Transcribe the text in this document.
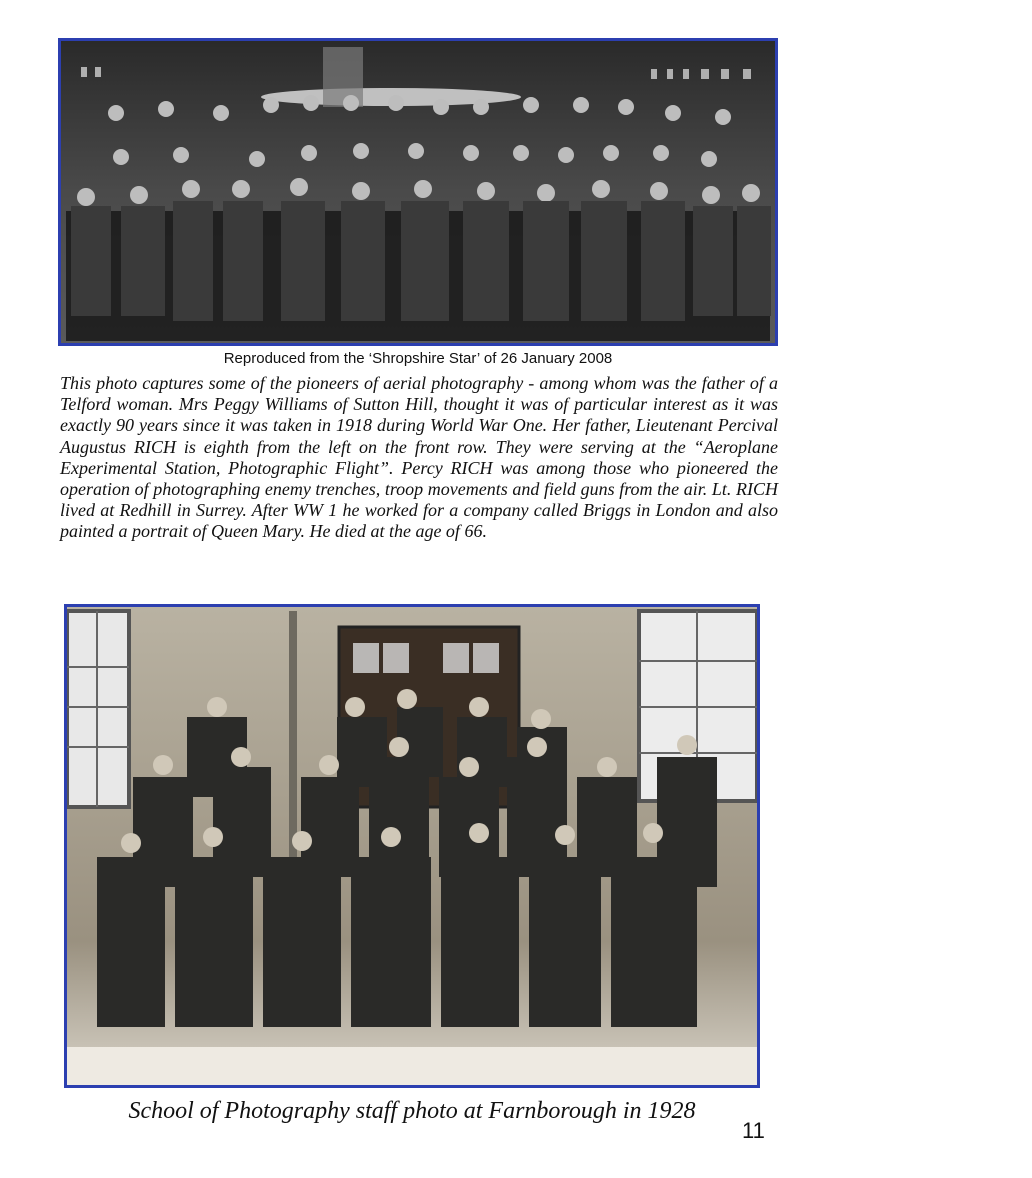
Reproduced from the ‘Shropshire Star’ of 26 January 2008

This photo captures some of the pioneers of aerial photography - among whom was the father of a Telford woman. Mrs Peggy Williams of Sutton Hill, thought it was of particular interest as it was exactly 90 years since it was taken in 1918 during World War One. Her father, Lieutenant Percival Augustus RICH is eighth from the left on the front row. They were serving at the “Aeroplane Experimental Station, Photographic Flight”. Percy RICH was among those who pioneered the operation of photographing enemy trenches, troop movements and field guns from the air. Lt. RICH lived at Redhill in Surrey. After WW 1 he worked for a company called Briggs in London and also painted a portrait of Queen Mary. He died at the age of 66.

School of Photography staff photo at Farnborough in 1928
11
